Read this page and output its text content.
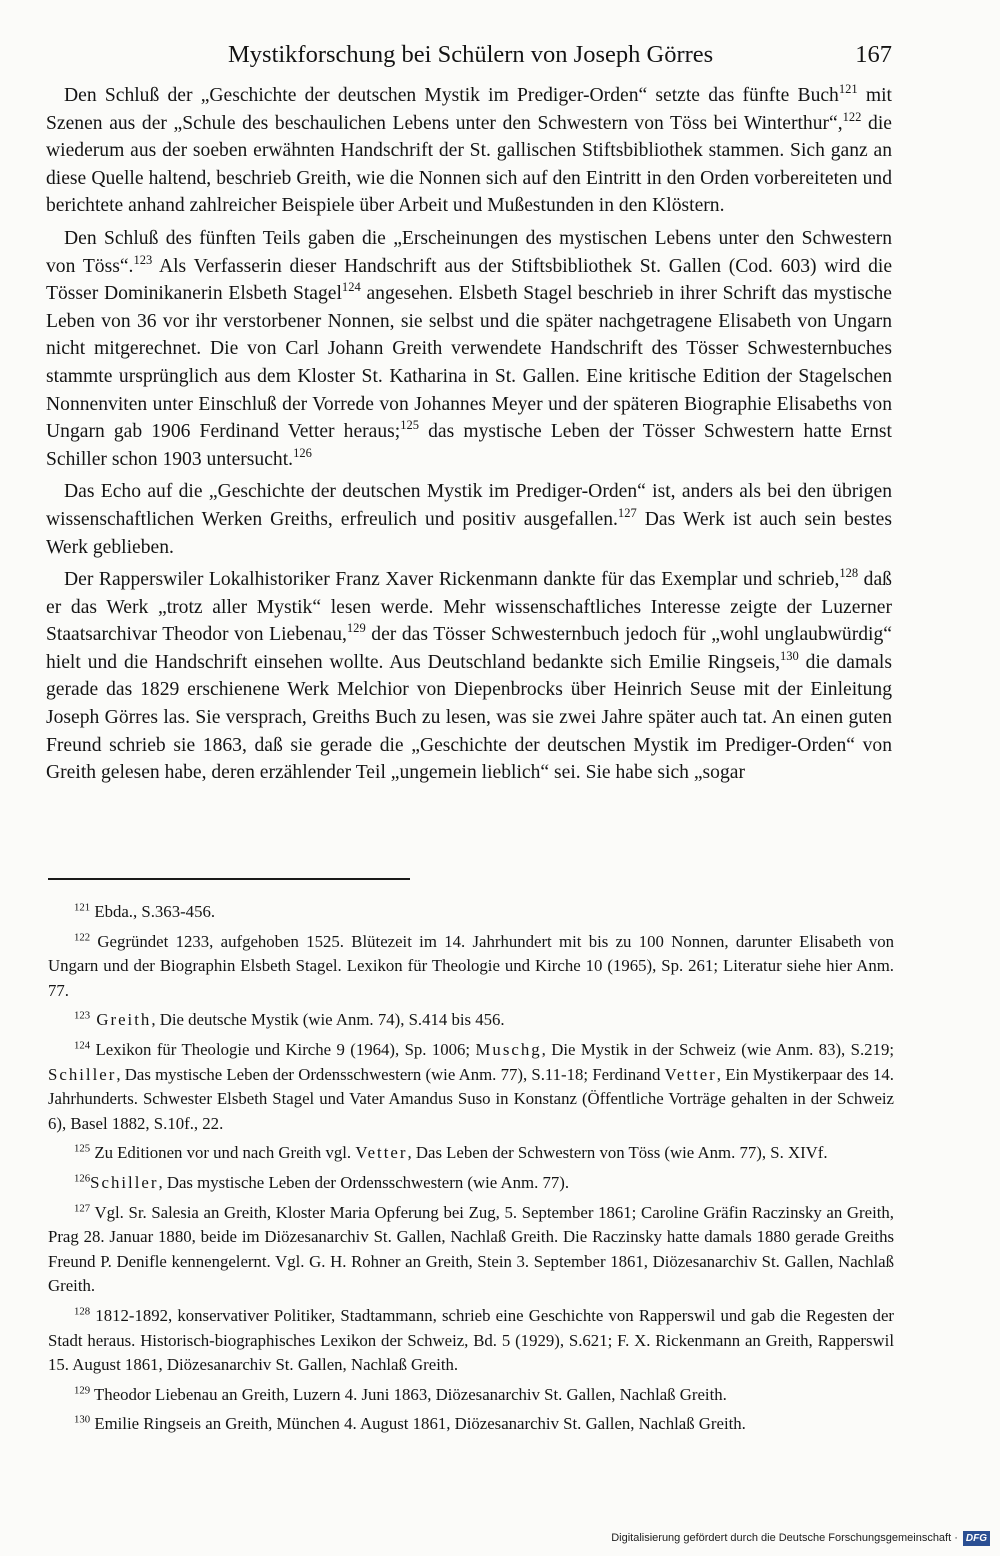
Mystikforschung bei Schülern von Joseph Görres	167

Den Schluß der „Geschichte der deutschen Mystik im Prediger-Orden“ setzte das fünfte Buch$^{121}$ mit Szenen aus der „Schule des beschaulichen Lebens unter den Schwestern von Töss bei Winterthur“,$^{122}$ die wiederum aus der soeben erwähnten Handschrift der St. gallischen Stiftsbibliothek stammen. Sich ganz an diese Quelle haltend, beschrieb Greith, wie die Nonnen sich auf den Eintritt in den Orden vorbereiteten und berichtete anhand zahlreicher Beispiele über Arbeit und Mußestunden in den Klöstern.

Den Schluß des fünften Teils gaben die „Erscheinungen des mystischen Lebens unter den Schwestern von Töss“.$^{123}$ Als Verfasserin dieser Handschrift aus der Stiftsbibliothek St. Gallen (Cod. 603) wird die Tösser Dominikanerin Elsbeth Stagel$^{124}$ angesehen. Elsbeth Stagel beschrieb in ihrer Schrift das mystische Leben von 36 vor ihr verstorbener Nonnen, sie selbst und die später nachgetragene Elisabeth von Ungarn nicht mitgerechnet. Die von Carl Johann Greith verwendete Handschrift des Tösser Schwesternbuches stammte ursprünglich aus dem Kloster St. Katharina in St. Gallen. Eine kritische Edition der Stagelschen Nonnenviten unter Einschluß der Vorrede von Johannes Meyer und der späteren Biographie Elisabeths von Ungarn gab 1906 Ferdinand Vetter heraus;$^{125}$ das mystische Leben der Tösser Schwestern hatte Ernst Schiller schon 1903 untersucht.$^{126}$

Das Echo auf die „Geschichte der deutschen Mystik im Prediger-Orden“ ist, anders als bei den übrigen wissenschaftlichen Werken Greiths, erfreulich und positiv ausgefallen.$^{127}$ Das Werk ist auch sein bestes Werk geblieben.

Der Rapperswiler Lokalhistoriker Franz Xaver Rickenmann dankte für das Exemplar und schrieb,$^{128}$ daß er das Werk „trotz aller Mystik“ lesen werde. Mehr wissenschaftliches Interesse zeigte der Luzerner Staatsarchivar Theodor von Liebenau,$^{129}$ der das Tösser Schwesternbuch jedoch für „wohl unglaubwürdig“ hielt und die Handschrift einsehen wollte. Aus Deutschland bedankte sich Emilie Ringseis,$^{130}$ die damals gerade das 1829 erschienene Werk Melchior von Diepenbrocks über Heinrich Seuse mit der Einleitung Joseph Görres las. Sie versprach, Greiths Buch zu lesen, was sie zwei Jahre später auch tat. An einen guten Freund schrieb sie 1863, daß sie gerade die „Geschichte der deutschen Mystik im Prediger-Orden“ von Greith gelesen habe, deren erzählender Teil „ungemein lieblich“ sei. Sie habe sich „sogar

$^{121}$ Ebda., S.363-456.

$^{122}$ Gegründet 1233, aufgehoben 1525. Blütezeit im 14. Jahrhundert mit bis zu 100 Nonnen, darunter Elisabeth von Ungarn und der Biographin Elsbeth Stagel. Lexikon für Theologie und Kirche 10 (1965), Sp. 261; Literatur siehe hier Anm. 77.

$^{123}$ Greith, Die deutsche Mystik (wie Anm. 74), S.414 bis 456.

$^{124}$ Lexikon für Theologie und Kirche 9 (1964), Sp. 1006; Muschg, Die Mystik in der Schweiz (wie Anm. 83), S.219; Schiller, Das mystische Leben der Ordensschwestern (wie Anm. 77), S.11-18; Ferdinand Vetter, Ein Mystikerpaar des 14. Jahrhunderts. Schwester Elsbeth Stagel und Vater Amandus Suso in Konstanz (Öffentliche Vorträge gehalten in der Schweiz 6), Basel 1882, S.10f., 22.

$^{125}$ Zu Editionen vor und nach Greith vgl. Vetter, Das Leben der Schwestern von Töss (wie Anm. 77), S. XIVf.

$^{126}$Schiller, Das mystische Leben der Ordensschwestern (wie Anm. 77).

$^{127}$ Vgl. Sr. Salesia an Greith, Kloster Maria Opferung bei Zug, 5. September 1861; Caroline Gräfin Raczinsky an Greith, Prag 28. Januar 1880, beide im Diözesanarchiv St. Gallen, Nachlaß Greith. Die Raczinsky hatte damals 1880 gerade Greiths Freund P. Denifle kennengelernt. Vgl. G. H. Rohner an Greith, Stein 3. September 1861, Diözesanarchiv St. Gallen, Nachlaß Greith.

$^{128}$ 1812-1892, konservativer Politiker, Stadtammann, schrieb eine Geschichte von Rapperswil und gab die Regesten der Stadt heraus. Historisch-biographisches Lexikon der Schweiz, Bd. 5 (1929), S.621; F. X. Rickenmann an Greith, Rapperswil 15. August 1861, Diözesanarchiv St. Gallen, Nachlaß Greith.

$^{129}$ Theodor Liebenau an Greith, Luzern 4. Juni 1863, Diözesanarchiv St. Gallen, Nachlaß Greith.

$^{130}$ Emilie Ringseis an Greith, München 4. August 1861, Diözesanarchiv St. Gallen, Nachlaß Greith.

Digitalisierung gefördert durch die Deutsche Forschungsgemeinschaft · DFG
